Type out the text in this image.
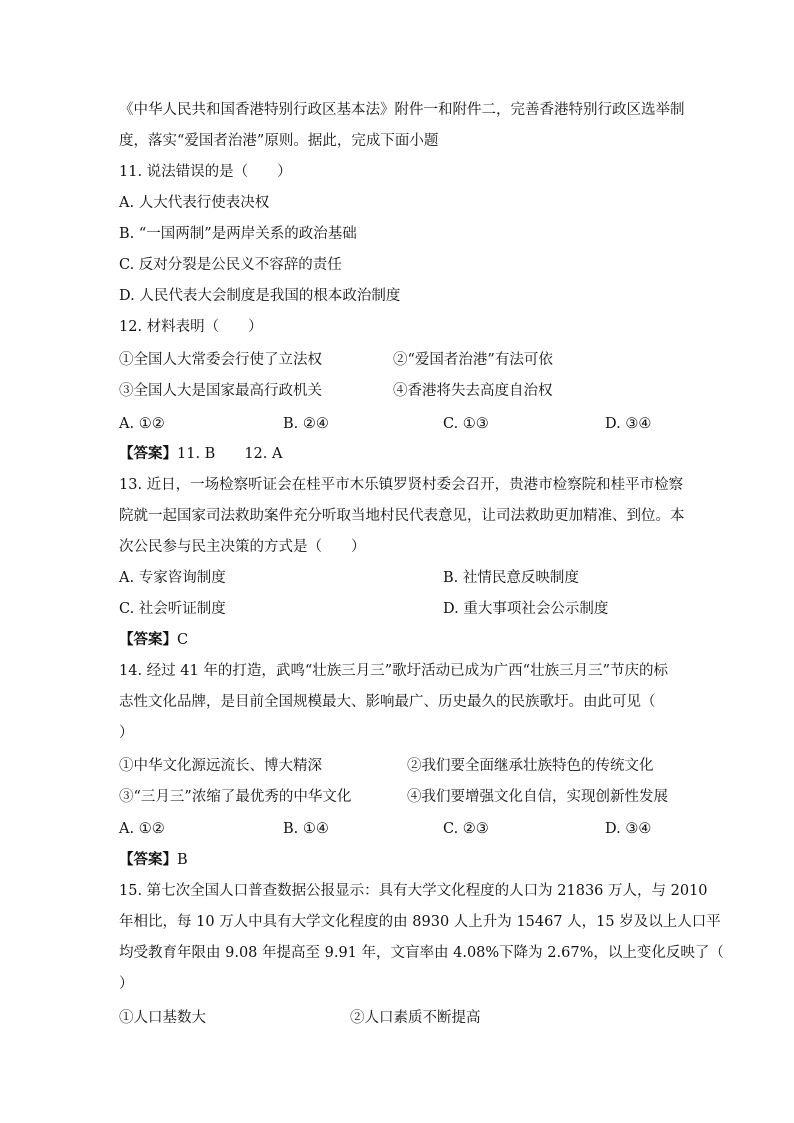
《中华人民共和国香港特别行政区基本法》附件一和附件二，完善香港特别行政区选举制
度，落实“爱国者治港”原则。据此，完成下面小题
11. 说法错误的是（　　）
A. 人大代表行使表决权
B. “一国两制”是两岸关系的政治基础
C. 反对分裂是公民义不容辞的责任
D. 人民代表大会制度是我国的根本政治制度
12. 材料表明（　　）
①全国人大常委会行使了立法权	②“爱国者治港”有法可依
③全国人大是国家最高行政机关	④香港将失去高度自治权
A. ①②	B. ②④	C. ①③	D. ③④
【答案】11. B　　12. A
13. 近日，一场检察听证会在桂平市木乐镇罗贤村委会召开，贵港市检察院和桂平市检察
院就一起国家司法救助案件充分听取当地村民代表意见，让司法救助更加精准、到位。本
次公民参与民主决策的方式是（　　）
A. 专家咨询制度	B. 社情民意反映制度
C. 社会听证制度	D. 重大事项社会公示制度
【答案】C
14. 经过 41 年的打造，武鸣“壮族三月三”歌圩活动已成为广西“壮族三月三”节庆的标
志性文化品牌，是目前全国规模最大、影响最广、历史最久的民族歌圩。由此可见（
）
①中华文化源远流长、博大精深	②我们要全面继承壮族特色的传统文化
③“三月三”浓缩了最优秀的中华文化	④我们要增强文化自信，实现创新性发展
A. ①②	B. ①④	C. ②③	D. ③④
【答案】B
15. 第七次全国人口普查数据公报显示：具有大学文化程度的人口为 21836 万人，与 2010
年相比，每 10 万人中具有大学文化程度的由 8930 人上升为 15467 人，15 岁及以上人口平
均受教育年限由 9.08 年提高至 9.91 年，文盲率由 4.08%下降为 2.67%，以上变化反映了（
）
①人口基数大	②人口素质不断提高
